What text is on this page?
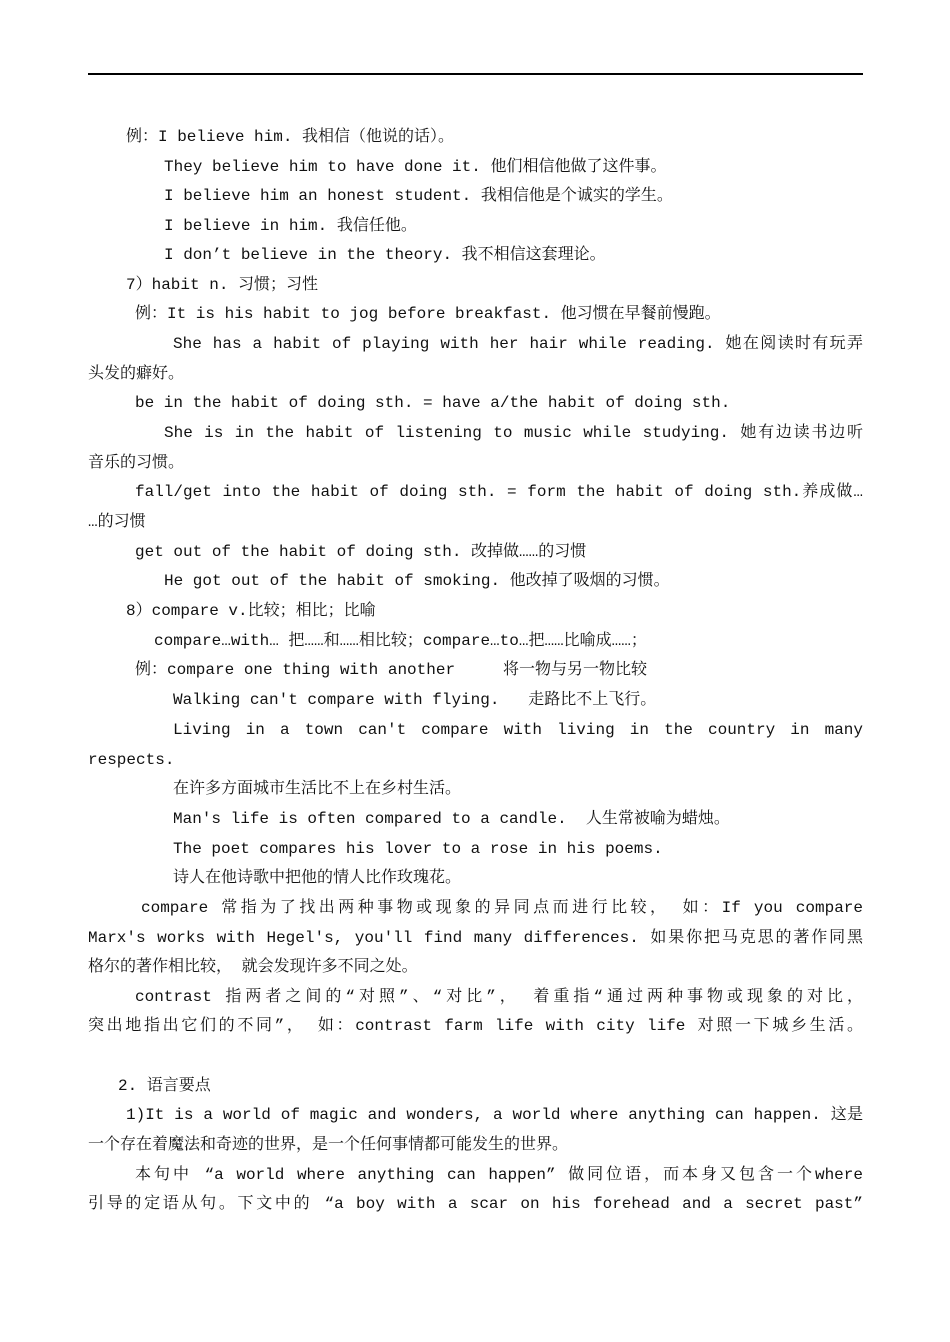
例：I believe him. 我相信（他说的话）。
They believe him to have done it. 他们相信他做了这件事。
I believe him an honest student. 我相信他是个诚实的学生。
I believe in him. 我信任他。
I don’t believe in the theory. 我不相信这套理论。
7）habit n. 习惯；习性
例：It is his habit to jog before breakfast. 他习惯在早餐前慢跑。
She has a habit of playing with her hair while reading. 她在阅读时有玩弄
头发的癖好。
be in the habit of doing sth. = have a/the habit of doing sth.
She is in the habit of listening to music while studying. 她有边读书边听
音乐的习惯。
fall/get into the habit of doing sth. = form the habit of doing sth.养成做…
…的习惯
get out of the habit of doing sth. 改掉做……的习惯
He got out of the habit of smoking. 他改掉了吸烟的习惯。
8）compare v.比较；相比；比喻
compare…with… 把……和……相比较；compare…to…把……比喻成……；
例：compare one thing with another     将一物与另一物比较
Walking can't compare with flying.   走路比不上飞行。
Living in a town can't compare with living in the country in many
respects.
在许多方面城市生活比不上在乡村生活。
Man's life is often compared to a candle.  人生常被喻为蜡烛。
The poet compares his lover to a rose in his poems.
诗人在他诗歌中把他的情人比作玫瑰花。
compare 常指为了找出两种事物或现象的异同点而进行比较， 如：If you compare
Marx's works with Hegel's, you'll find many differences. 如果你把马克思的著作同黑
格尔的著作相比较， 就会发现许多不同之处。
contrast 指两者之间的“对照”、“对比”， 着重指“通过两种事物或现象的对比，
突出地指出它们的不同”， 如：contrast farm life with city life 对照一下城乡生活。
2. 语言要点
1)It is a world of magic and wonders, a world where anything can happen. 这是
一个存在着魔法和奇迹的世界，是一个任何事情都可能发生的世界。
本句中 “a world where anything can happen” 做同位语，而本身又包含一个where
引导的定语从句。下文中的 “a boy with a scar on his forehead and a secret past”
